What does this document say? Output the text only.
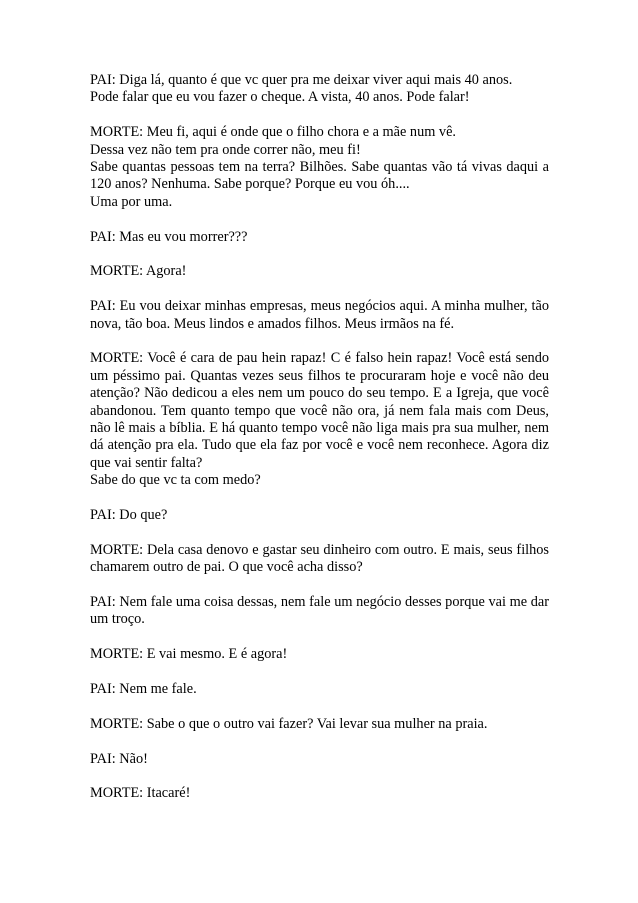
PAI: Diga lá, quanto é que vc quer pra me deixar viver aqui mais 40 anos.
Pode falar que eu vou fazer o cheque. A vista, 40 anos. Pode falar!

MORTE: Meu fi, aqui é onde que o filho chora e a mãe num vê.
Dessa vez não tem pra onde correr não, meu fi!
Sabe quantas pessoas tem na terra? Bilhões. Sabe quantas vão tá vivas daqui a 120 anos? Nenhuma. Sabe porque? Porque eu vou óh....
Uma por uma.

PAI: Mas eu vou morrer???

MORTE: Agora!

PAI: Eu vou deixar minhas empresas, meus negócios aqui. A minha mulher, tão nova, tão boa. Meus lindos e amados filhos. Meus irmãos na fé.

MORTE: Você é cara de pau hein rapaz! C é falso hein rapaz! Você está sendo um péssimo pai. Quantas vezes seus filhos te procuraram hoje e você não deu atenção? Não dedicou a eles nem um pouco do seu tempo. E a Igreja, que você abandonou. Tem quanto tempo que você não ora, já nem fala mais com Deus, não lê mais a bíblia. E há quanto tempo você não liga mais pra sua mulher, nem dá atenção pra ela. Tudo que ela faz por você e você nem reconhece. Agora diz que vai sentir falta?
Sabe do que vc ta com medo?

PAI: Do que?

MORTE: Dela casa denovo e gastar seu dinheiro com outro. E mais, seus filhos chamarem outro de pai. O que você acha disso?

PAI: Nem fale uma coisa dessas, nem fale um negócio desses porque vai me dar um troço.

MORTE: E vai mesmo. E é agora!

PAI: Nem me fale.

MORTE: Sabe o que o outro vai fazer? Vai levar sua mulher na praia.

PAI: Não!

MORTE: Itacaré!
